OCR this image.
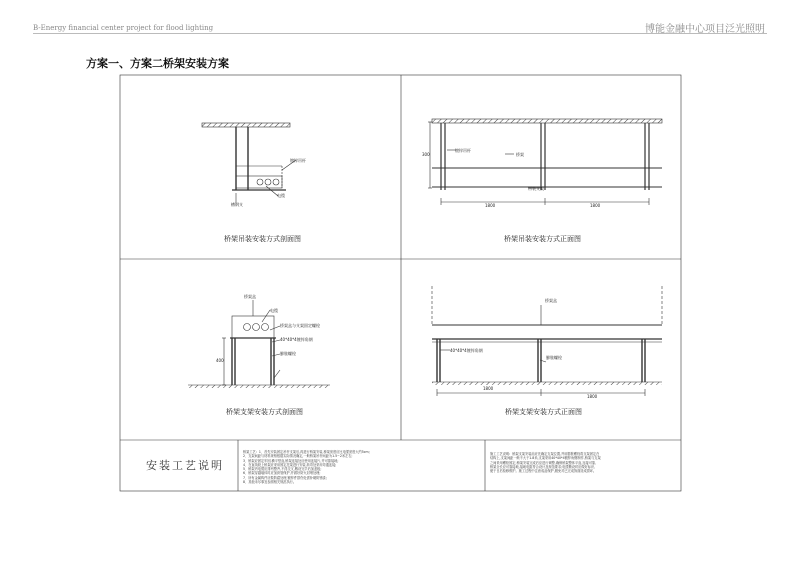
B-Energy financial center project for flood lighting	博能金融中心项目泛光照明
方案一、方案二桥架安装方案
镀锌吊杆
电缆
槽钢支
桥架吊装安装方式剖面图
镀锌吊杆
桥架
吊装支架
300
1800	1800
桥架吊装安装方式正面图
桥架盒
电缆
桥架盒与支架固定螺栓
40*40*4镀锌角钢
膨胀螺栓
400
桥架支架安装方式剖面图
桥架盒
40*40*4镀锌角钢
膨胀螺栓
1800
1800
桥架支架安装方式正面图
安装工艺说明
桥架工艺:  1、首先安装固定吊杆支架后,再进行桥架安装,桥架宽度应比电缆宽度大约5cm;
2、支架间距与材料规格根据实际情况确定,一般桥架吊杆间距为1.5~2米左右;
3、桥架应固定牢固,横平竖直,桥架连接处应使用连接片,并可靠接地;
4、在直线段上桥架应采用固定托架进行安装,转弯处采用弯通连接;
5、桥架内电缆应排列整齐,不得交叉,敷设完毕后加盖板;
6、桥架穿越墙体时应加套管保护,并做好防火封堵处理;
7、所有金属构件应做防腐处理,镀锌件损伤处需补刷防锈漆;
8、其他未尽事宜参照相关规范执行。
施工工艺说明:  桥架支架安装前应先确定支架位置,并用膨胀螺栓将支架固定在
结构上,支架间距一般不大于1.8米,支架采用40*40*4镀锌角钢制作,桥架与支架
之间采用螺栓固定;桥架安装完成后应进行调整,确保桥架整体平直,连接可靠,
桥架全长应可靠接地,接地电阻符合设计及规范要求;电缆敷设时应做好标识,
便于日后检修维护。施工过程中注意成品保护,避免对已完成饰面造成损坏。
